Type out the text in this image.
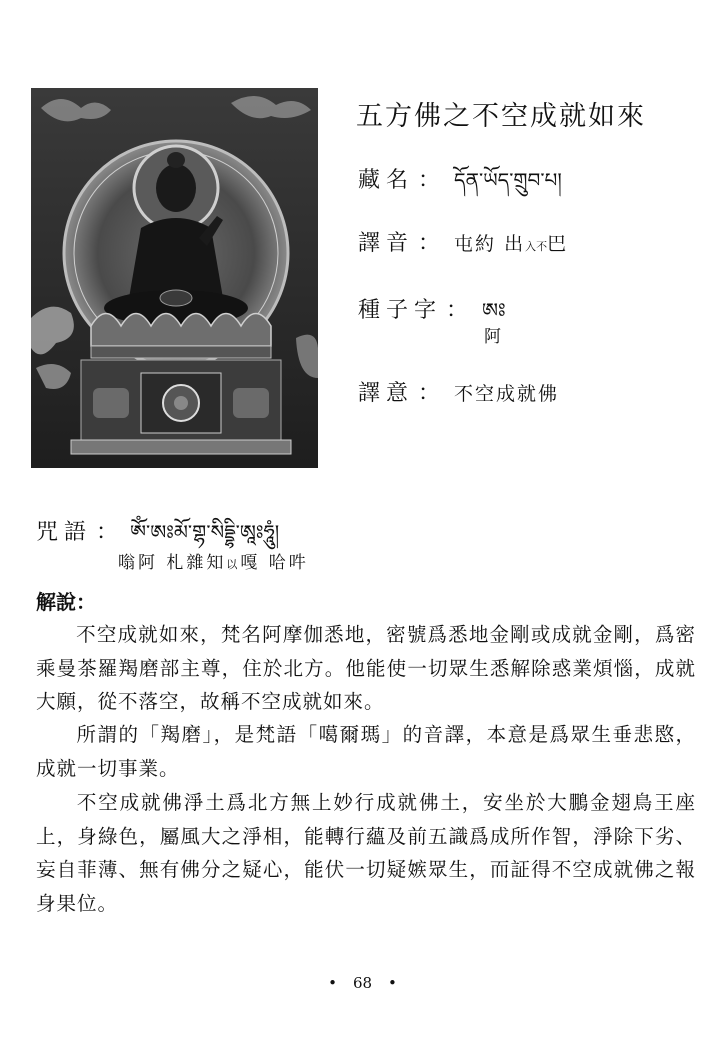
五方佛之不空成就如來
藏名 ： དོན་ཡོད་གྲུབ་པ།
譯音 ： 屯約 出入不巴
種子字 ： ཨཿ
阿
譯意 ： 不空成就佛
咒語 ： ཨོཾ་ཨཿམོ་གྷ་སིདྡྷི་ཨཱཿཧཱུཾ།
嗡阿 札雜知以嘎 哈吽
解說：
不空成就如來，梵名阿摩伽悉地，密號爲悉地金剛或成就金剛，爲密乘曼茶羅羯磨部主尊，住於北方。他能使一切眾生悉解除惑業煩惱，成就大願，從不落空，故稱不空成就如來。
所謂的「羯磨」，是梵語「噶爾瑪」的音譯，本意是爲眾生垂悲愍，成就一切事業。
不空成就佛淨土爲北方無上妙行成就佛土，安坐於大鵬金翅鳥王座上，身綠色，屬風大之淨相，能轉行蘊及前五識爲成所作智，淨除下劣、妄自菲薄、無有佛分之疑心，能伏一切疑嫉眾生，而証得不空成就佛之報身果位。
• 68 •
